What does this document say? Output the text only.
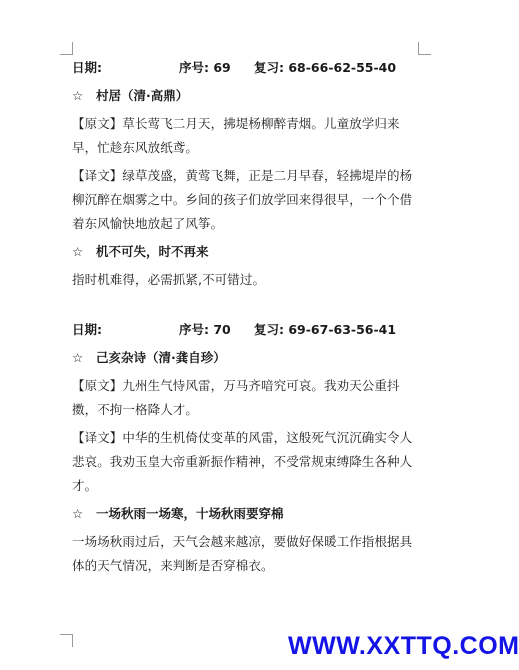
日期:	序号: 69 复习: 68-66-62-55-40
☆ 村居（清·高鼎）
【原文】草长莺飞二月天，拂堤杨柳醉青烟。儿童放学归来早，忙趁东风放纸鸢。
【译文】绿草茂盛，黄莺飞舞，正是二月早春，轻拂堤岸的杨柳沉醉在烟雾之中。乡间的孩子们放学回来得很早，一个个借着东风愉快地放起了风筝。
☆ 机不可失，时不再来
指时机难得，必需抓紧,不可错过。
日期:	序号: 70 复习: 69-67-63-56-41
☆ 己亥杂诗（清·龚自珍）
【原文】九州生气恃风雷，万马齐喑究可哀。我劝天公重抖擞，不拘一格降人才。
【译文】中华的生机倚仗变革的风雷，这般死气沉沉确实令人悲哀。我劝玉皇大帝重新振作精神，不受常规束缚降生各种人才。
☆ 一场秋雨一场寒，十场秋雨要穿棉
一场场秋雨过后，天气会越来越凉，要做好保暖工作指根据具体的天气情况，来判断是否穿棉衣。
WWW.XXTTQ.COM
